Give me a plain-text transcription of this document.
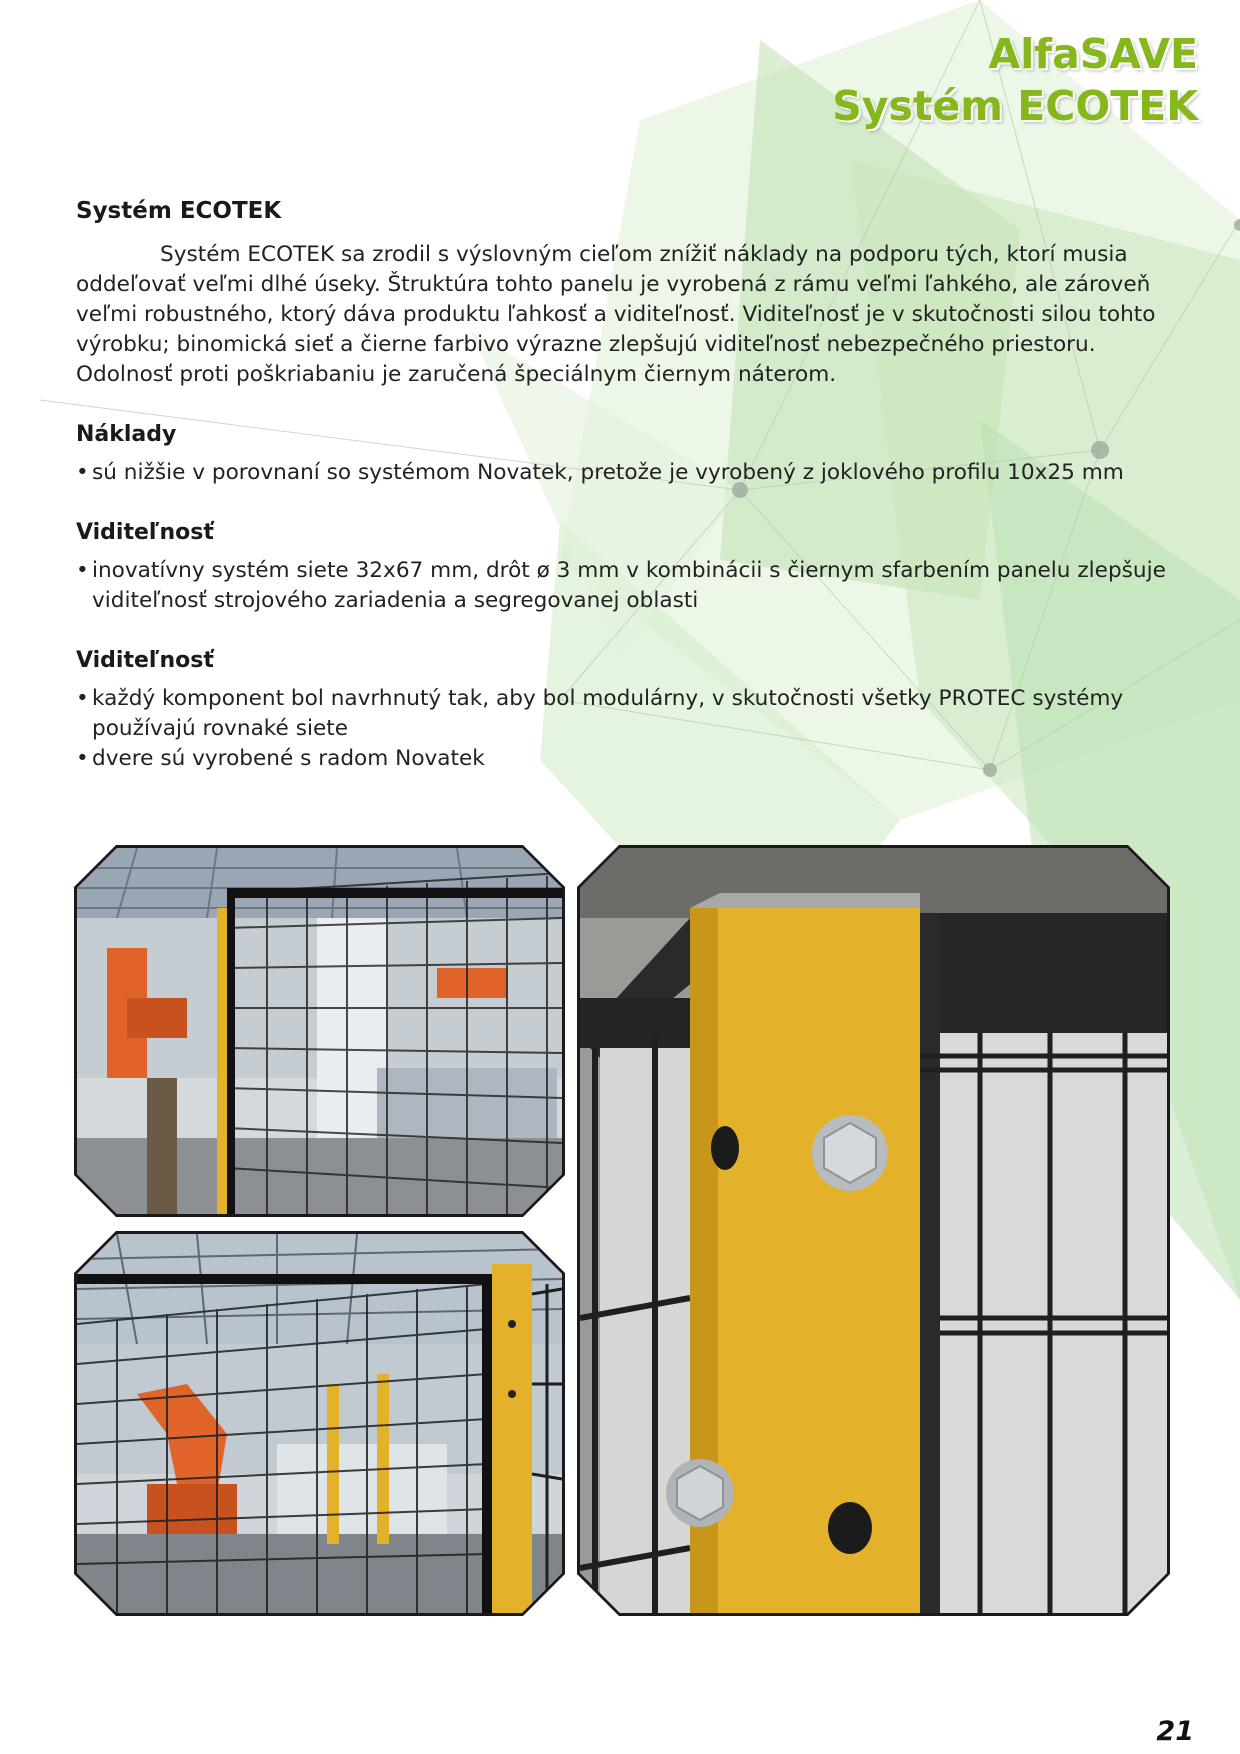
AlfaSAVE
Systém ECOTEK

Systém ECOTEK

Systém ECOTEK sa zrodil s výslovným cieľom znížiť náklady na podporu tých, ktorí musia oddeľovať veľmi dlhé úseky. Štruktúra tohto panelu je vyrobená z rámu veľmi ľahkého, ale zároveň veľmi robustného, ktorý dáva produktu ľahkosť a viditeľnosť. Viditeľnosť je v skutočnosti silou tohto výrobku; binomická sieť a čierne farbivo výrazne zlepšujú viditeľnosť nebezpečného priestoru. Odolnosť proti poškriabaniu je zaručená špeciálnym čiernym náterom.

Náklady

• sú nižšie v porovnaní so systémom Novatek, pretože je vyrobený z joklového profilu 10x25 mm

Viditeľnosť

• inovatívny systém siete 32x67 mm, drôt ø 3 mm v kombinácii s čiernym sfarbením panelu zlepšuje viditeľnosť strojového zariadenia a segregovanej oblasti

Viditeľnosť

• každý komponent bol navrhnutý tak, aby bol modulárny, v skutočnosti všetky PROTEC systémy používajú rovnaké siete
• dvere sú vyrobené s radom Novatek
21
